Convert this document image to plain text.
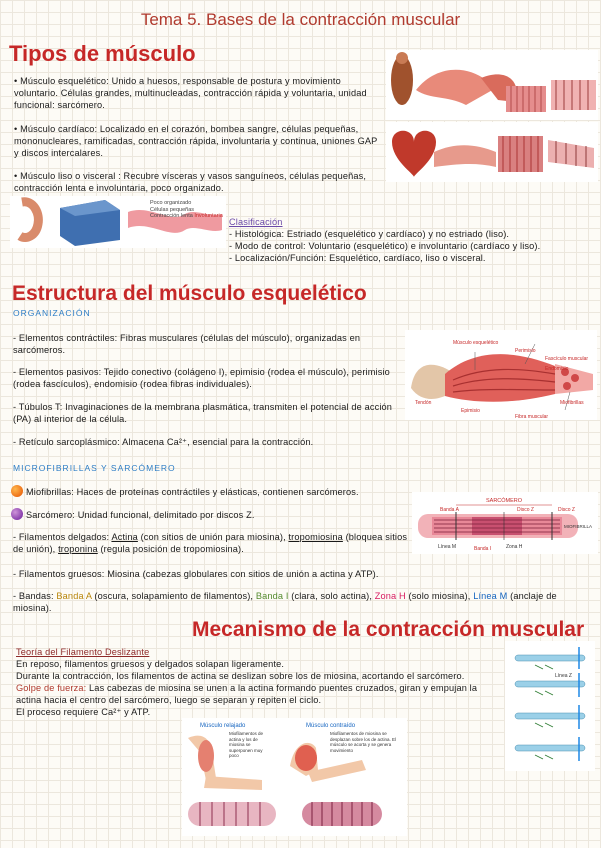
Tema 5. Bases de la contracción muscular
Tipos de músculo

• Músculo esquelético: Unido a huesos, responsable de postura y movimiento voluntario. Células grandes, multinucleadas, contracción rápida y voluntaria, unidad funcional: sarcómero.

• Músculo cardíaco: Localizado en el corazón, bombea sangre, células pequeñas, mononucleares, ramificadas, contracción rápida, involuntaria y continua, uniones GAP y discos intercalares.

• Músculo liso o visceral : Recubre vísceras y vasos sanguíneos, células pequeñas, contracción lenta e involuntaria, poco organizado.

Poco organizado
Células pequeñas
Contracción lenta Involuntaria
Clasificación
- Histológica: Estriado (esquelético y cardíaco) y no estriado (liso).
- Modo de control: Voluntario (esquelético) e involuntario (cardíaco y liso).
- Localización/Función: Esquelético, cardíaco, liso o visceral.
Estructura del músculo esquelético
ORGANIZACIÓN

- Elementos contráctiles: Fibras musculares (células del músculo), organizadas en sarcómeros.

- Elementos pasivos: Tejido conectivo (colágeno I), epimisio (rodea el músculo), perimisio (rodea fascículos), endomisio (rodea fibras individuales).

- Túbulos T: Invaginaciones de la membrana plasmática, transmiten el potencial de acción (PA) al interior de la célula.

- Retículo sarcoplásmico: Almacena Ca²⁺, esencial para la contracción.

Músculo esquelético
Perimisio
Fascículo muscular
Endomisio
Epimisio
Tendón
Fibra muscular
Miofibrillas
MICROFIBRILLAS Y SARCÓMERO

Miofibrillas: Haces de proteínas contráctiles y elásticas, contienen sarcómeros.

Sarcómero: Unidad funcional, delimitado por discos Z.

- Filamentos delgados: Actina (con sitios de unión para miosina), tropomiosina (bloquea sitios de unión), troponina (regula posición de tropomiosina).

- Filamentos gruesos: Miosina (cabezas globulares con sitios de unión a actina y ATP).

- Bandas: Banda A (oscura, solapamiento de filamentos), Banda I (clara, solo actina), Zona H (solo miosina), Línea M (anclaje de miosina).

SARCÓMERO
Banda A	Disco Z	Disco Z
Línea M	Banda I	Zona H
MIOFIBRILLA
Mecanismo de la contracción muscular
Teoría del Filamento Deslizante
En reposo, filamentos gruesos y delgados solapan ligeramente.
Durante la contracción, los filamentos de actina se deslizan sobre los de miosina, acortando el sarcómero.
Golpe de fuerza: Las cabezas de miosina se unen a la actina formando puentes cruzados, giran y empujan la actina hacia el centro del sarcómero, luego se separan y repiten el ciclo.
El proceso requiere Ca²⁺ y ATP.
Línea Z
Músculo relajado	Músculo contraído
Miofilamentos de actina y los de miosina se superponen muy poco
Miofilamentos de miosina se desplazan sobre los de actina. El músculo se acorta y se genera movimiento
